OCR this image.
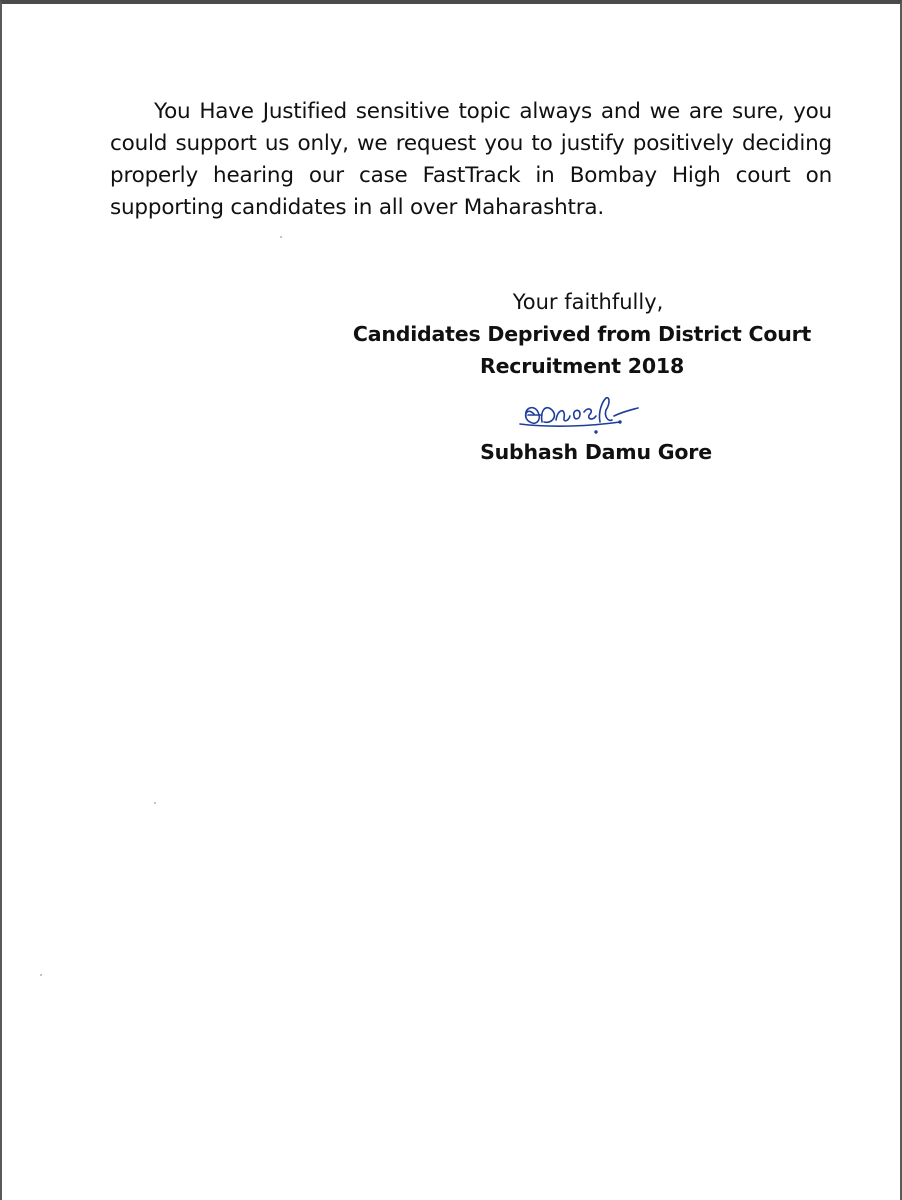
You Have Justified sensitive topic always and we are sure, you could support us only, we request you to justify positively deciding properly hearing our case FastTrack in Bombay High court on supporting candidates in all over Maharashtra.

Your faithfully,

Candidates Deprived from District Court

Recruitment 2018

Subhash Damu Gore
